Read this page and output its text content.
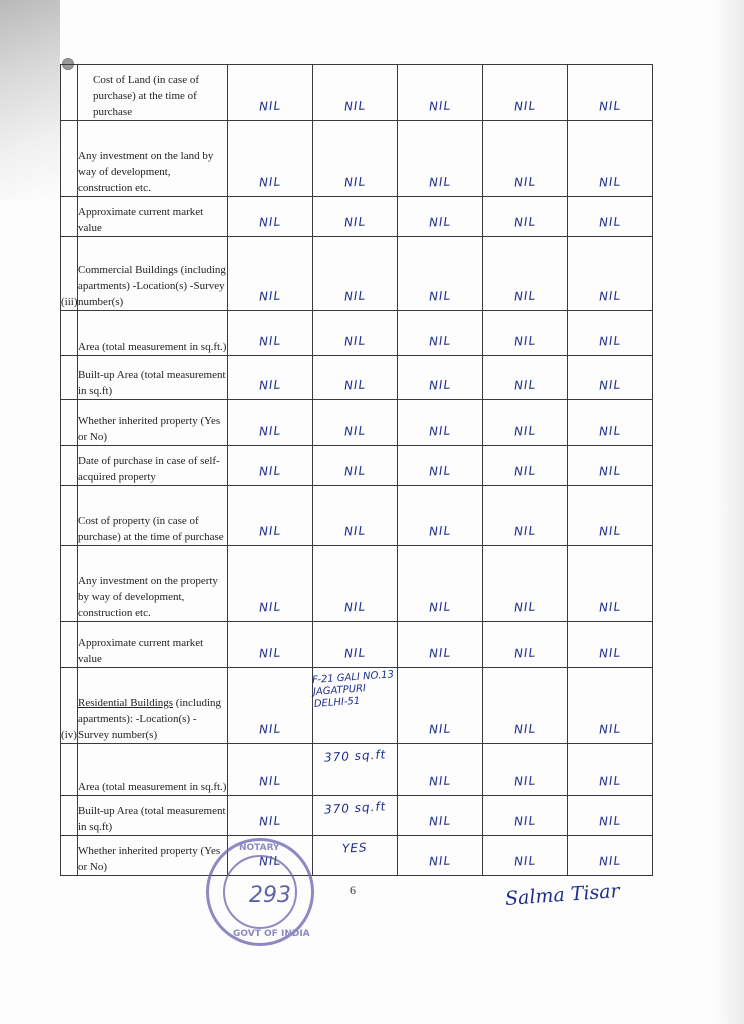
	Cost of Land (in case of purchase) at the time of purchase	NIL	NIL	NIL	NIL	NIL
	Any investment on the land by way of development, construction etc.	NIL	NIL	NIL	NIL	NIL
	Approximate current market value	NIL	NIL	NIL	NIL	NIL
(iii)	Commercial Buildings (including apartments) -Location(s) -Survey number(s)	NIL	NIL	NIL	NIL	NIL
	Area (total measurement in sq.ft.)	NIL	NIL	NIL	NIL	NIL
	Built-up Area (total measurement in sq.ft)	NIL	NIL	NIL	NIL	NIL
	Whether inherited property (Yes or No)	NIL	NIL	NIL	NIL	NIL
	Date of purchase in case of self-acquired property	NIL	NIL	NIL	NIL	NIL
	Cost of property (in case of purchase) at the time of purchase	NIL	NIL	NIL	NIL	NIL
	Any investment on the property by way of development, construction etc.	NIL	NIL	NIL	NIL	NIL
	Approximate current market value	NIL	NIL	NIL	NIL	NIL
(iv)	Residential Buildings (including apartments): -Location(s) -Survey number(s)	NIL	F-21 GALI NO.13 JAGATPURI DELHI-51	NIL	NIL	NIL
	Area (total measurement in sq.ft.)	NIL	370 sq.ft	NIL	NIL	NIL
	Built-up Area (total measurement in sq.ft)	NIL	370 sq.ft	NIL	NIL	NIL
	Whether inherited property (Yes or No)	NIL	YES	NIL	NIL	NIL
NOTARY
293
GOVT OF INDIA
6	Salma Tisar
